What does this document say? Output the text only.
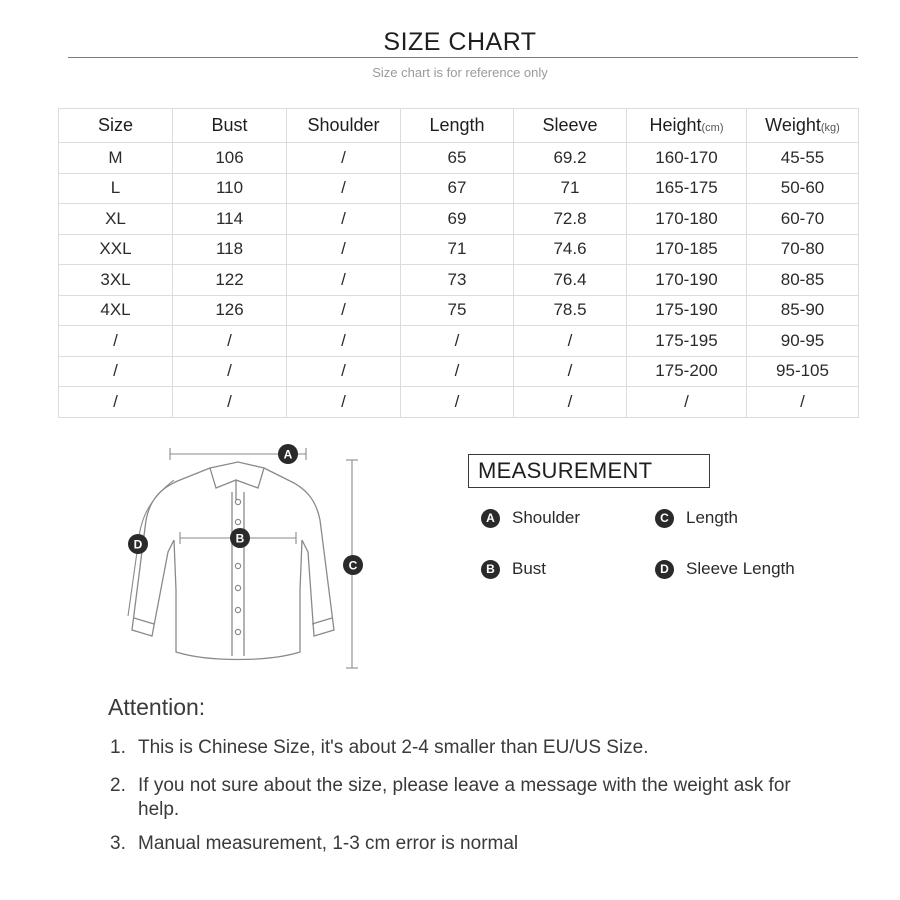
SIZE CHART
Size chart is for reference only
Size	Bust	Shoulder	Length	Sleeve	Height(cm)	Weight(kg)
M	106	/	65	69.2	160-170	45-55
L	110	/	67	71	165-175	50-60
XL	114	/	69	72.8	170-180	60-70
XXL	118	/	71	74.6	170-185	70-80
3XL	122	/	73	76.4	170-190	80-85
4XL	126	/	75	78.5	175-190	85-90
/	/	/	/	/	175-195	90-95
/	/	/	/	/	175-200	95-105
/	/	/	/	/	/	/
A
B
C
D
MEASUREMENT
A	Shoulder	C	Length
B	Bust	D	Sleeve Length
Attention:
1. This is Chinese Size, it's about 2-4 smaller than EU/US Size.
2. If you not sure about the size, please leave a message with the weight ask for help.
3. Manual measurement, 1-3 cm error is normal
